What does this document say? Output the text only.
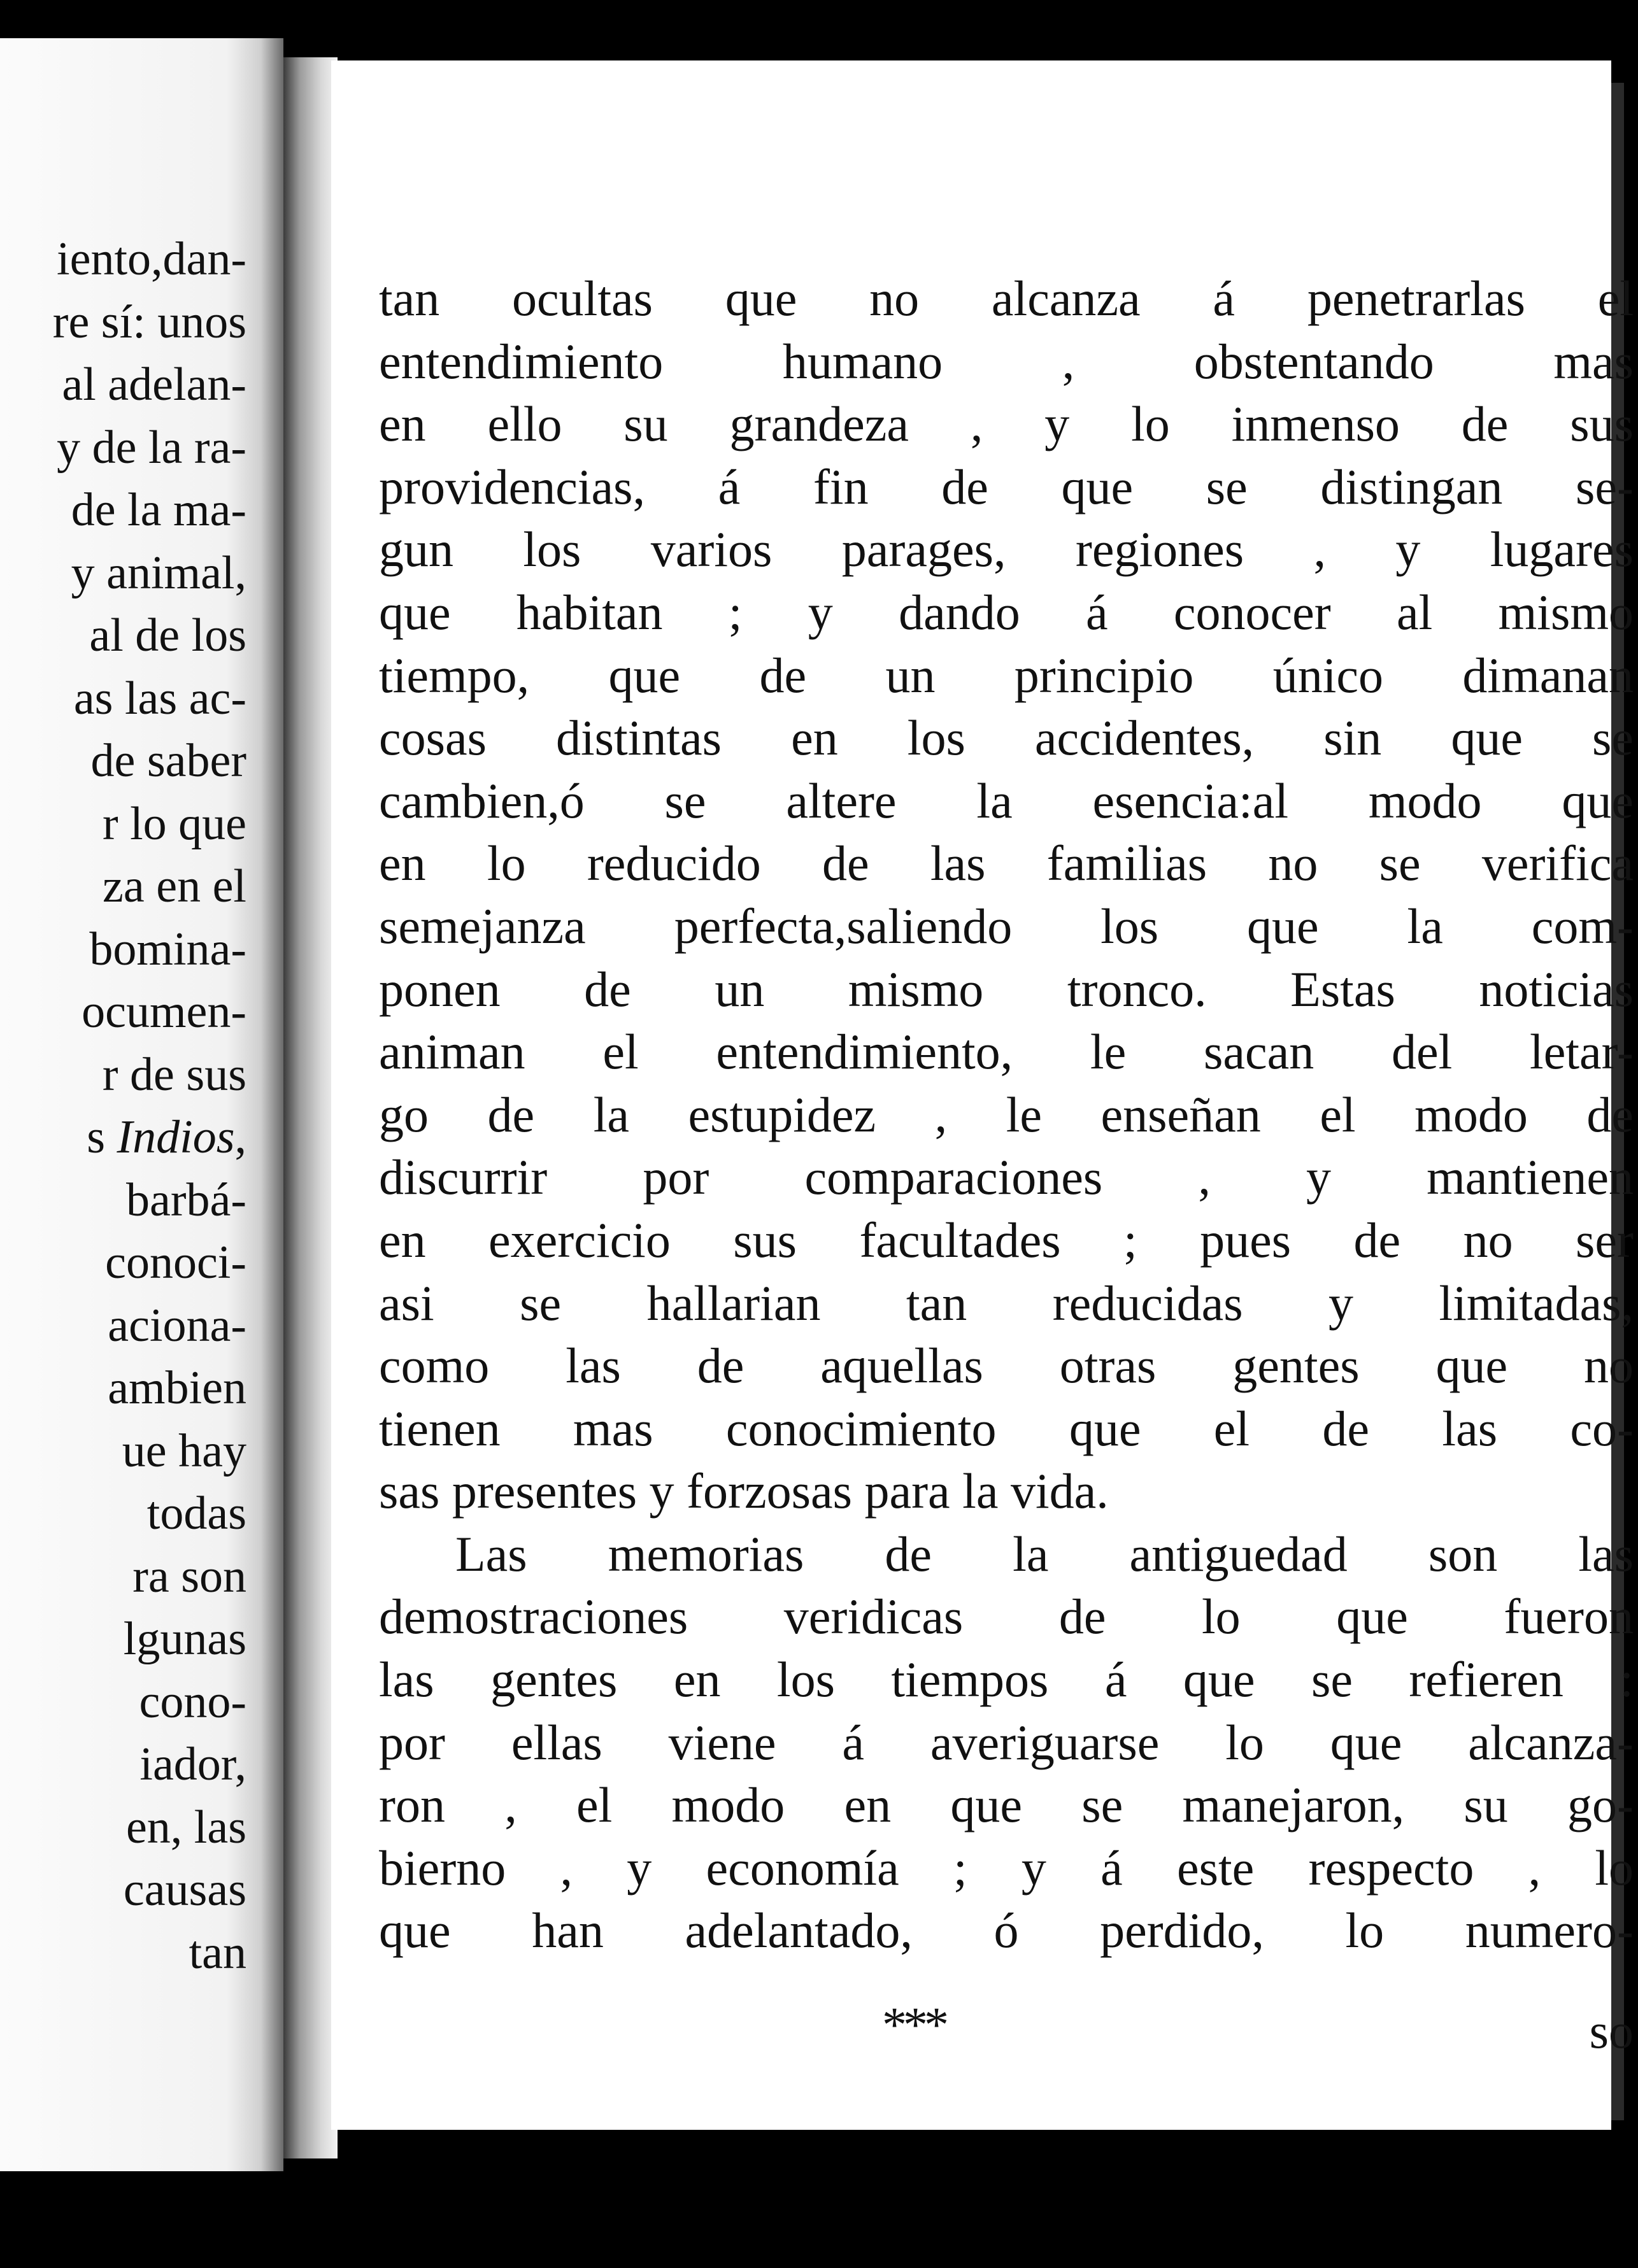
iento,dan-
re sí: unos
al adelan-
y de la ra-
de la ma-
y animal,
al de los
as las ac-
de saber
r lo que
za en el
bomina-
ocumen-
r de sus
s Indios,
barbá-
conoci-
aciona-
ambien
ue hay
todas
ra son
lgunas
cono-
iador,
en, las
causas
tan
tan ocultas que no alcanza á penetrarlas el
entendimiento humano , obstentando mas
en ello su grandeza , y lo inmenso de sus
providencias, á fin de que se distingan se-
gun los varios parages, regiones , y lugares
que habitan ; y dando á conocer al mismo
tiempo, que de un principio único dimanan
cosas distintas en los accidentes, sin que se
cambien,ó se altere la esencia:al modo que
en lo reducido de las familias no se verifica
semejanza perfecta,saliendo los que la com-
ponen de un mismo tronco. Estas noticias
animan el entendimiento, le sacan del letar-
go de la estupidez , le enseñan el modo de
discurrir por comparaciones , y mantienen
en exercicio sus facultades ; pues de no ser
asi se hallarian tan reducidas y limitadas,
como las de aquellas otras gentes que no
tienen mas conocimiento que el de las co-
sas presentes y forzosas para la vida.
Las memorias de la antiguedad son las
demostraciones veridicas de lo que fueron
las gentes en los tiempos á que se refieren :
por ellas viene á averiguarse lo que alcanza-
ron , el modo en que se manejaron, su go-
bierno , y economía ; y á este respecto , lo
que han adelantado, ó perdido, lo numero-
***	so
